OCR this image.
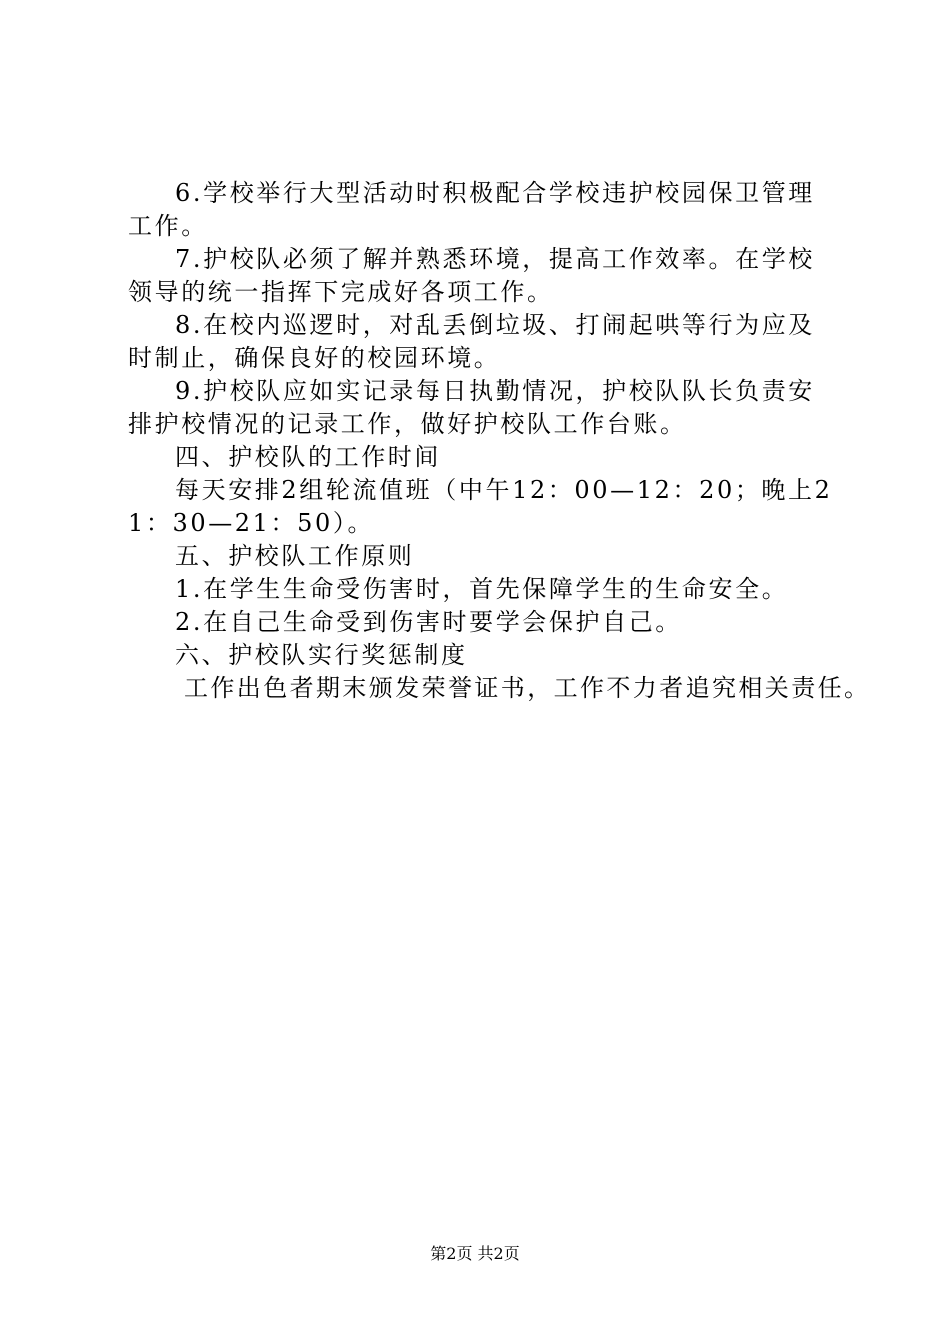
6.学校举行大型活动时积极配合学校违护校园保卫管理工作。

7.护校队必须了解并熟悉环境，提高工作效率。在学校领导的统一指挥下完成好各项工作。

8.在校内巡逻时，对乱丢倒垃圾、打闹起哄等行为应及时制止，确保良好的校园环境。

9.护校队应如实记录每日执勤情况，护校队队长负责安排护校情况的记录工作，做好护校队工作台账。

四、护校队的工作时间

每天安排2组轮流值班（中午12：00—12：20；晚上21：30—21：50）。

五、护校队工作原则

1.在学生生命受伤害时，首先保障学生的生命安全。

2.在自己生命受到伤害时要学会保护自己。

六、护校队实行奖惩制度

工作出色者期末颁发荣誉证书，工作不力者追究相关责任。

第2页 共2页
